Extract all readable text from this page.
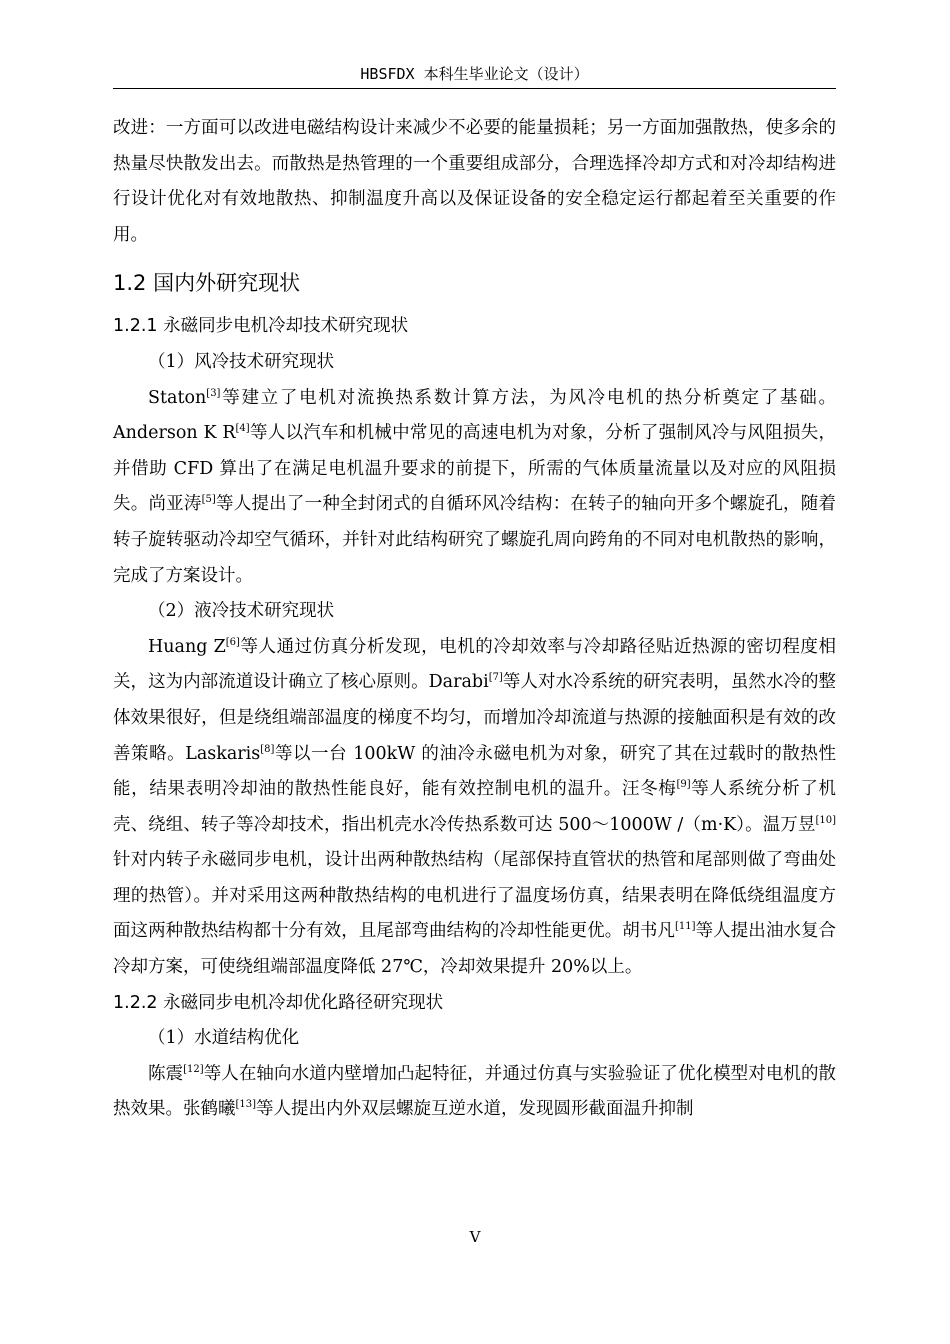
HBSFDX 本科生毕业论文（设计）

改进：一方面可以改进电磁结构设计来减少不必要的能量损耗；另一方面加强散热，使多余的热量尽快散发出去。而散热是热管理的一个重要组成部分，合理选择冷却方式和对冷却结构进行设计优化对有效地散热、抑制温度升高以及保证设备的安全稳定运行都起着至关重要的作用。

1.2 国内外研究现状
1.2.1 永磁同步电机冷却技术研究现状

（1）风冷技术研究现状

Staton[3]等建立了电机对流换热系数计算方法，为风冷电机的热分析奠定了基础。Anderson K R[4]等人以汽车和机械中常见的高速电机为对象，分析了强制风冷与风阻损失，并借助 CFD 算出了在满足电机温升要求的前提下，所需的气体质量流量以及对应的风阻损失。尚亚涛[5]等人提出了一种全封闭式的自循环风冷结构：在转子的轴向开多个螺旋孔，随着转子旋转驱动冷却空气循环，并针对此结构研究了螺旋孔周向跨角的不同对电机散热的影响，完成了方案设计。

（2）液冷技术研究现状

Huang Z[6]等人通过仿真分析发现，电机的冷却效率与冷却路径贴近热源的密切程度相关，这为内部流道设计确立了核心原则。Darabi[7]等人对水冷系统的研究表明，虽然水冷的整体效果很好，但是绕组端部温度的梯度不均匀，而增加冷却流道与热源的接触面积是有效的改善策略。Laskaris[8]等以一台 100kW 的油冷永磁电机为对象，研究了其在过载时的散热性能，结果表明冷却油的散热性能良好，能有效控制电机的温升。汪冬梅[9]等人系统分析了机壳、绕组、转子等冷却技术，指出机壳水冷传热系数可达 500～1000W /（m·K）。温万昱[10]针对内转子永磁同步电机，设计出两种散热结构（尾部保持直管状的热管和尾部则做了弯曲处理的热管）。并对采用这两种散热结构的电机进行了温度场仿真，结果表明在降低绕组温度方面这两种散热结构都十分有效，且尾部弯曲结构的冷却性能更优。胡书凡[11]等人提出油水复合冷却方案，可使绕组端部温度降低 27℃，冷却效果提升 20%以上。

1.2.2 永磁同步电机冷却优化路径研究现状

（1）水道结构优化

陈震[12]等人在轴向水道内壁增加凸起特征，并通过仿真与实验验证了优化模型对电机的散热效果。张鹤曦[13]等人提出内外双层螺旋互逆水道，发现圆形截面温升抑制

V
